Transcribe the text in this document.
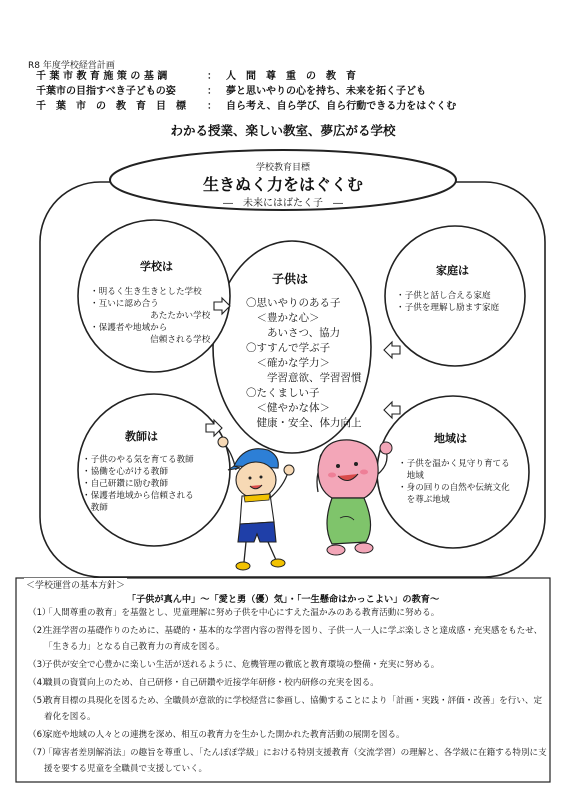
R8 年度学校経営計画
千 葉 市 教 育 施 策 の 基 調	： 人　間　尊　重　の　教　育
千葉市の目指すべき子どもの姿	： 夢と思いやりの心を持ち、未来を拓く子ども
千　葉　市　の　教　育　目　標 ： 自ら考え、自ら学び、自ら行動できる力をはぐくむ
わかる授業、楽しい教室、夢広がる学校
学校教育目標
生きぬく力をはぐくむ
―　未来にはばたく子　―
学校は
・明るく生き生きとした学校
・互いに認め合う
　　　　　　　あたたかい学校
・保護者や地域から
　　　　　　　信頼される学校
家庭は
・子供と話し合える家庭
・子供を理解し励ます家庭
教師は
・子供のやる気を育てる教師
・協働を心がける教師
・自己研鑽に励む教師
・保護者地域から信頼される
　教師
地域は
・子供を温かく見守り育てる
　地域
・身の回りの自然や伝統文化
　を尊ぶ地域
子供は
〇思いやりのある子
　＜豊かな心＞
　　あいさつ、協力
〇すすんで学ぶ子
　＜確かな学力＞
　　学習意欲、学習習慣
〇たくましい子
　＜健やかな体＞
　健康・安全、体力向上
＜学校運営の基本方針＞
「子供が真ん中」～「愛と勇（優）気」・「一生懸命はかっこよい」の教育～
（1）
「人間尊重の教育」を基盤とし、児童理解に努め子供を中心にすえた温かみのある教育活動に努める。
（2）
生涯学習の基礎作りのために、基礎的・基本的な学習内容の習得を図り、子供一人一人に学ぶ楽しさと達成感・充実感をもたせ、「生きる力」となる自己教育力の育成を図る。
（3）
子供が安全で心豊かに楽しい生活が送れるように、危機管理の徹底と教育環境の整備・充実に努める。
（4）
職員の資質向上のため、自己研修・自己研鑽や近接学年研修・校内研修の充実を図る。
（5）
教育目標の具現化を図るため、全職員が意欲的に学校経営に参画し、協働することにより「計画・実践・評価・改善」を行い、定着化を図る。
（6）
家庭や地域の人々との連携を深め、相互の教育力を生かした開かれた教育活動の展開を図る。
（7）
「障害者差別解消法」の趣旨を尊重し、「たんぽぽ学級」における特別支援教育（交流学習）の理解と、各学級に在籍する特別に支援を要する児童を全職員で支援していく。
